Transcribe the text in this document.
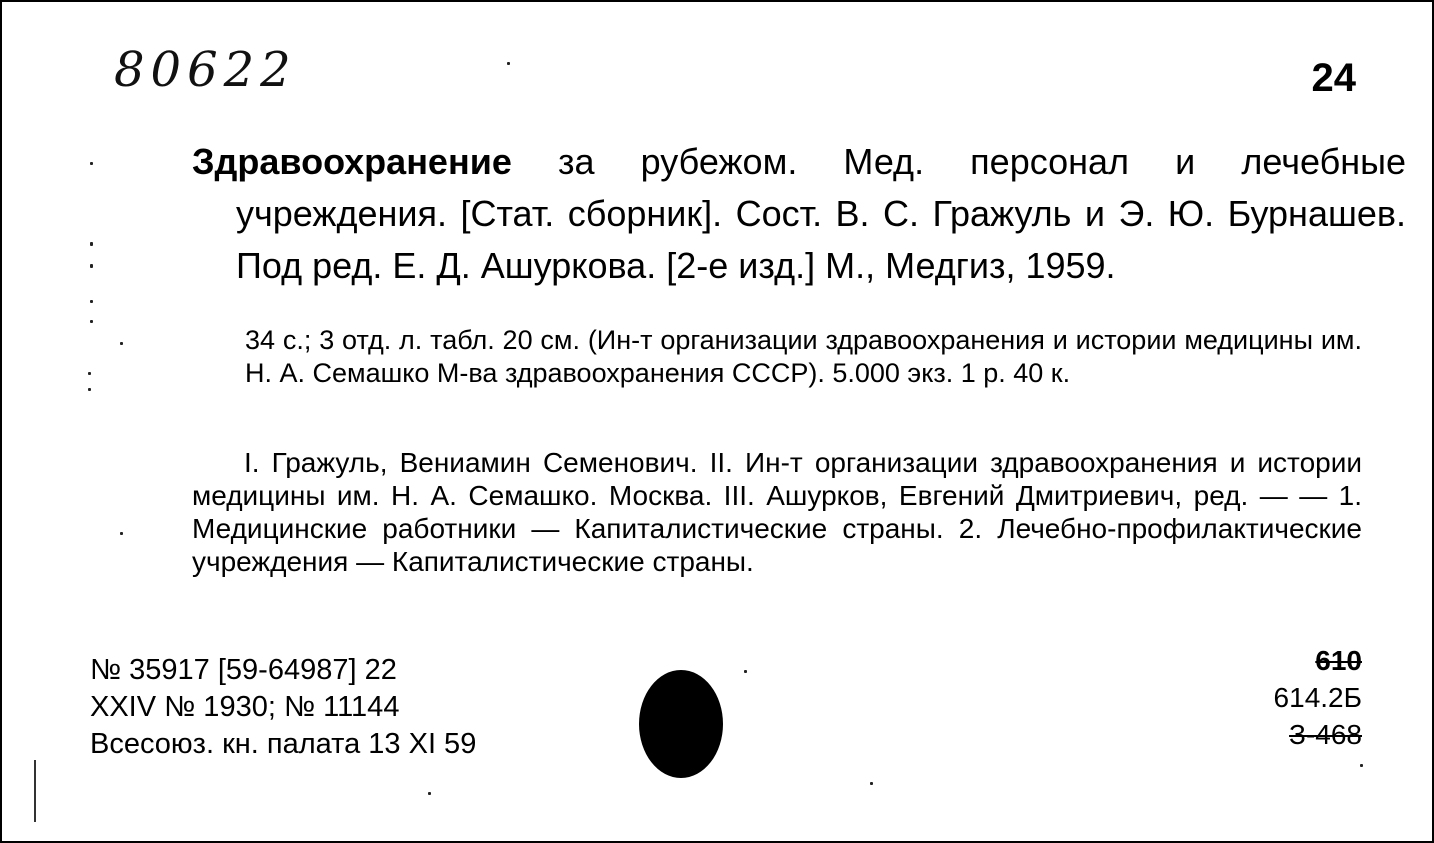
80622	24
Здравоохранение за рубежом. Мед. персонал и лечебные учреждения. [Стат. сборник]. Сост. В. С. Гражуль и Э. Ю. Бурнашев. Под ред. Е. Д. Ашуркова. [2-е изд.] М., Медгиз, 1959.
34 с.; 3 отд. л. табл. 20 см. (Ин-т организации здравоохранения и истории медицины им. Н. А. Семашко М-ва здравоохранения СССР). 5.000 экз. 1 р. 40 к.
I. Гражуль, Вениамин Семенович. II. Ин-т организации здравоохранения и истории медицины им. Н. А. Семашко. Москва. III. Ашурков, Евгений Дмитриевич, ред. — — 1. Медицинские работники — Капиталистические страны. 2. Лечебно-профилактические учреждения — Капиталистические страны.
№ 35917 [59-64987] 22
XXIV № 1930; № 11144
Всесоюз. кн. палата 13 XI 59
610
614.2Б
З-468
